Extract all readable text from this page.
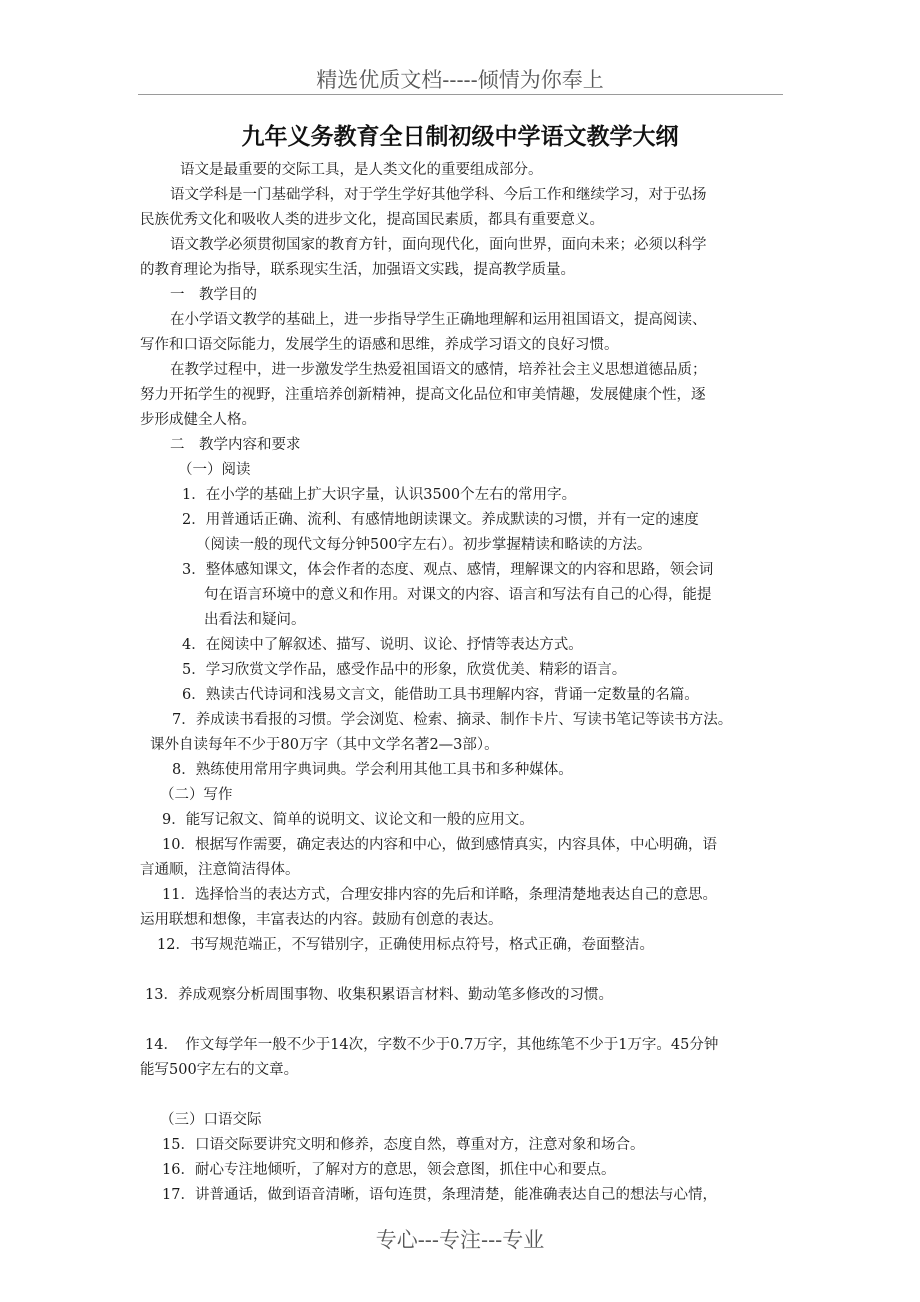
精选优质文档-----倾情为你奉上
九年义务教育全日制初级中学语文教学大纲
语文是最重要的交际工具，是人类文化的重要组成部分。
语文学科是一门基础学科，对于学生学好其他学科、今后工作和继续学习，对于弘扬
民族优秀文化和吸收人类的进步文化，提高国民素质，都具有重要意义。
语文教学必须贯彻国家的教育方针，面向现代化，面向世界，面向未来；必须以科学
的教育理论为指导，联系现实生活，加强语文实践，提高教学质量。
一　教学目的
在小学语文教学的基础上，进一步指导学生正确地理解和运用祖国语文，提高阅读、
写作和口语交际能力，发展学生的语感和思维，养成学习语文的良好习惯。
在教学过程中，进一步激发学生热爱祖国语文的感情，培养社会主义思想道德品质；
努力开拓学生的视野，注重培养创新精神，提高文化品位和审美情趣，发展健康个性，逐
步形成健全人格。
二　教学内容和要求
（一）阅读
1．在小学的基础上扩大识字量，认识3500个左右的常用字。
2．用普通话正确、流利、有感情地朗读课文。养成默读的习惯，并有一定的速度
（阅读一般的现代文每分钟500字左右）。初步掌握精读和略读的方法。
3．整体感知课文，体会作者的态度、观点、感情，理解课文的内容和思路，领会词
句在语言环境中的意义和作用。对课文的内容、语言和写法有自己的心得，能提
出看法和疑问。
4．在阅读中了解叙述、描写、说明、议论、抒情等表达方式。
5．学习欣赏文学作品，感受作品中的形象，欣赏优美、精彩的语言。
6．熟读古代诗词和浅易文言文，能借助工具书理解内容，背诵一定数量的名篇。
7．养成读书看报的习惯。学会浏览、检索、摘录、制作卡片、写读书笔记等读书方法。
课外自读每年不少于80万字（其中文学名著2—3部）。
8．熟练使用常用字典词典。学会利用其他工具书和多种媒体。
（二）写作
9．能写记叙文、简单的说明文、议论文和一般的应用文。
10．根据写作需要，确定表达的内容和中心，做到感情真实，内容具体，中心明确，语
言通顺，注意简洁得体。
11．选择恰当的表达方式，合理安排内容的先后和详略，条理清楚地表达自己的意思。
运用联想和想像，丰富表达的内容。鼓励有创意的表达。
12．书写规范端正，不写错别字，正确使用标点符号，格式正确，卷面整洁。
13．养成观察分析周围事物、收集积累语言材料、勤动笔多修改的习惯。
14．　作文每学年一般不少于14次，字数不少于0.7万字，其他练笔不少于1万字。45分钟
能写500字左右的文章。
（三）口语交际
15．口语交际要讲究文明和修养，态度自然，尊重对方，注意对象和场合。
16．耐心专注地倾听，了解对方的意思，领会意图，抓住中心和要点。
17．讲普通话，做到语音清晰，语句连贯，条理清楚，能准确表达自己的想法与心情，
专心---专注---专业
